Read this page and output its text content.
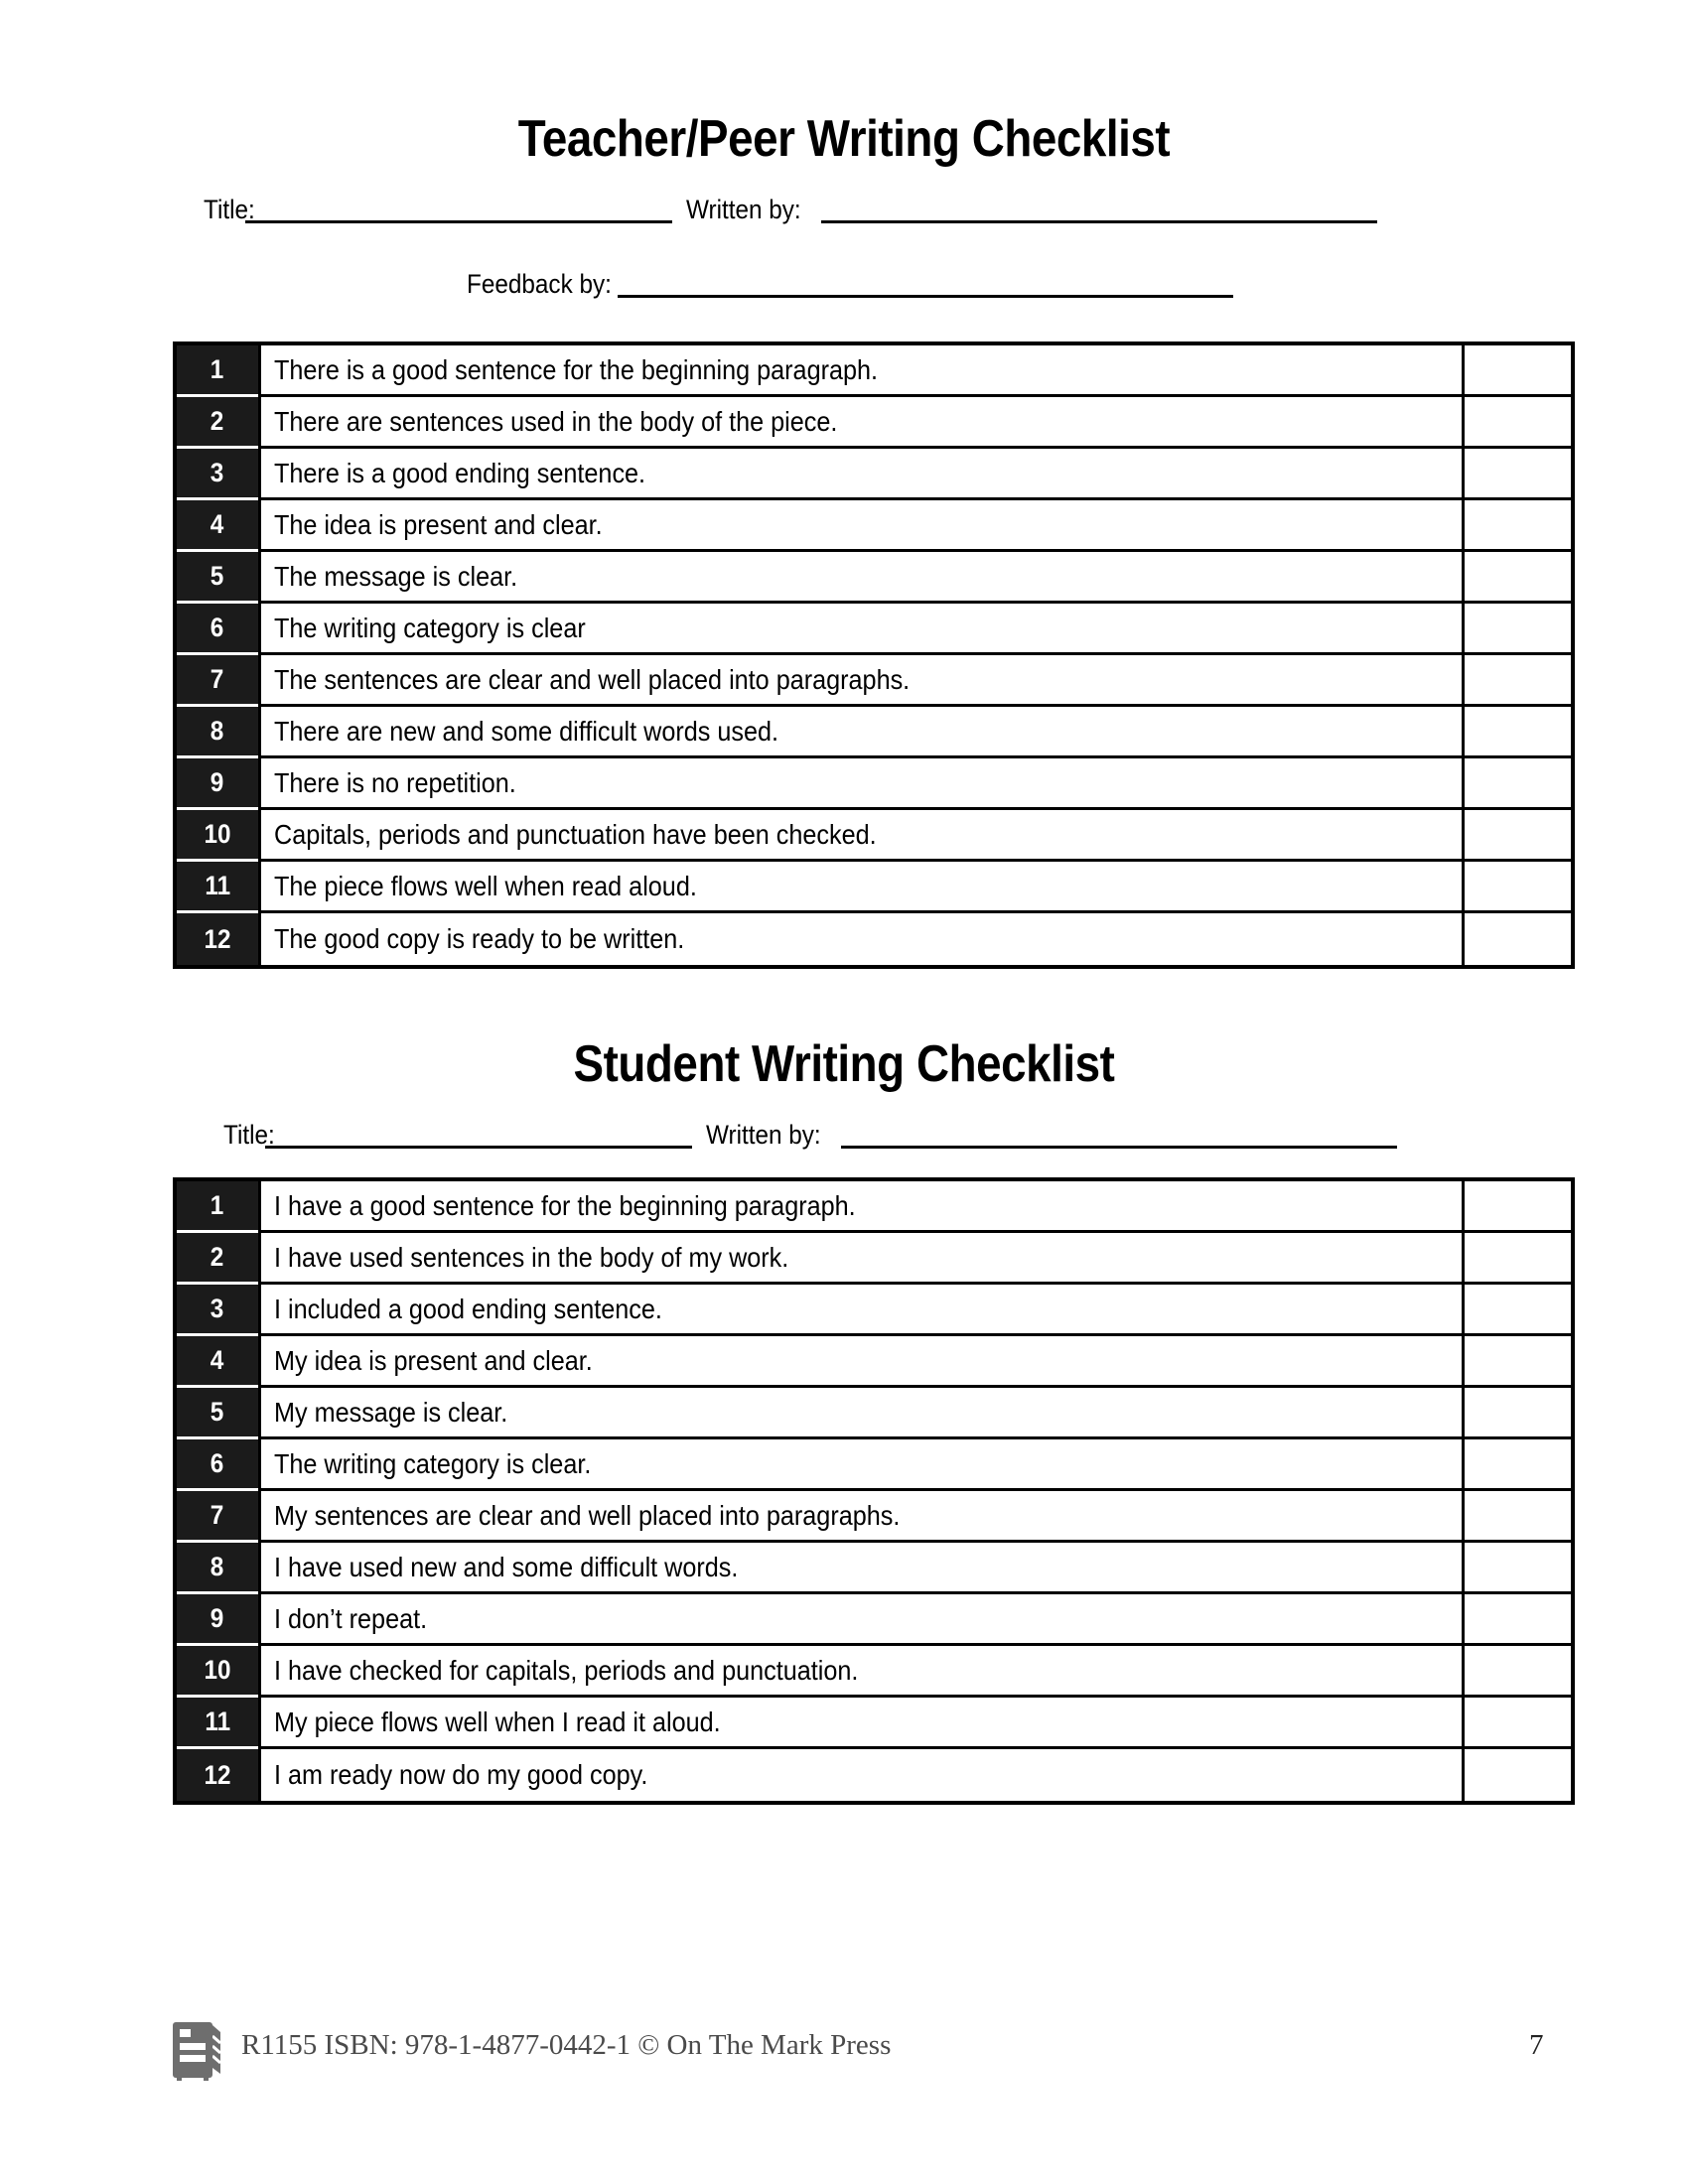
Teacher/Peer Writing Checklist
Title:	Written by:
Feedback by:
1 There is a good sentence for the beginning paragraph.
2 There are sentences used in the body of the piece.
3 There is a good ending sentence.
4 The idea is present and clear.
5 The message is clear.
6 The writing category is clear
7 The sentences are clear and well placed into paragraphs.
8 There are new and some difficult words used.
9 There is no repetition.
10 Capitals, periods and punctuation have been checked.
11 The piece flows well when read aloud.
12 The good copy is ready to be written.
Student Writing Checklist
Title:	Written by:
1 I have a good sentence for the beginning paragraph.
2 I have used sentences in the body of my work.
3 I included a good ending sentence.
4 My idea is present and clear.
5 My message is clear.
6 The writing category is clear.
7 My sentences are clear and well placed into paragraphs.
8 I have used new and some difficult words.
9 I don’t repeat.
10 I have checked for capitals, periods and punctuation.
11 My piece flows well when I read it aloud.
12 I am ready now do my good copy.
R1155 ISBN: 978-1-4877-0442-1 © On The Mark Press	7
